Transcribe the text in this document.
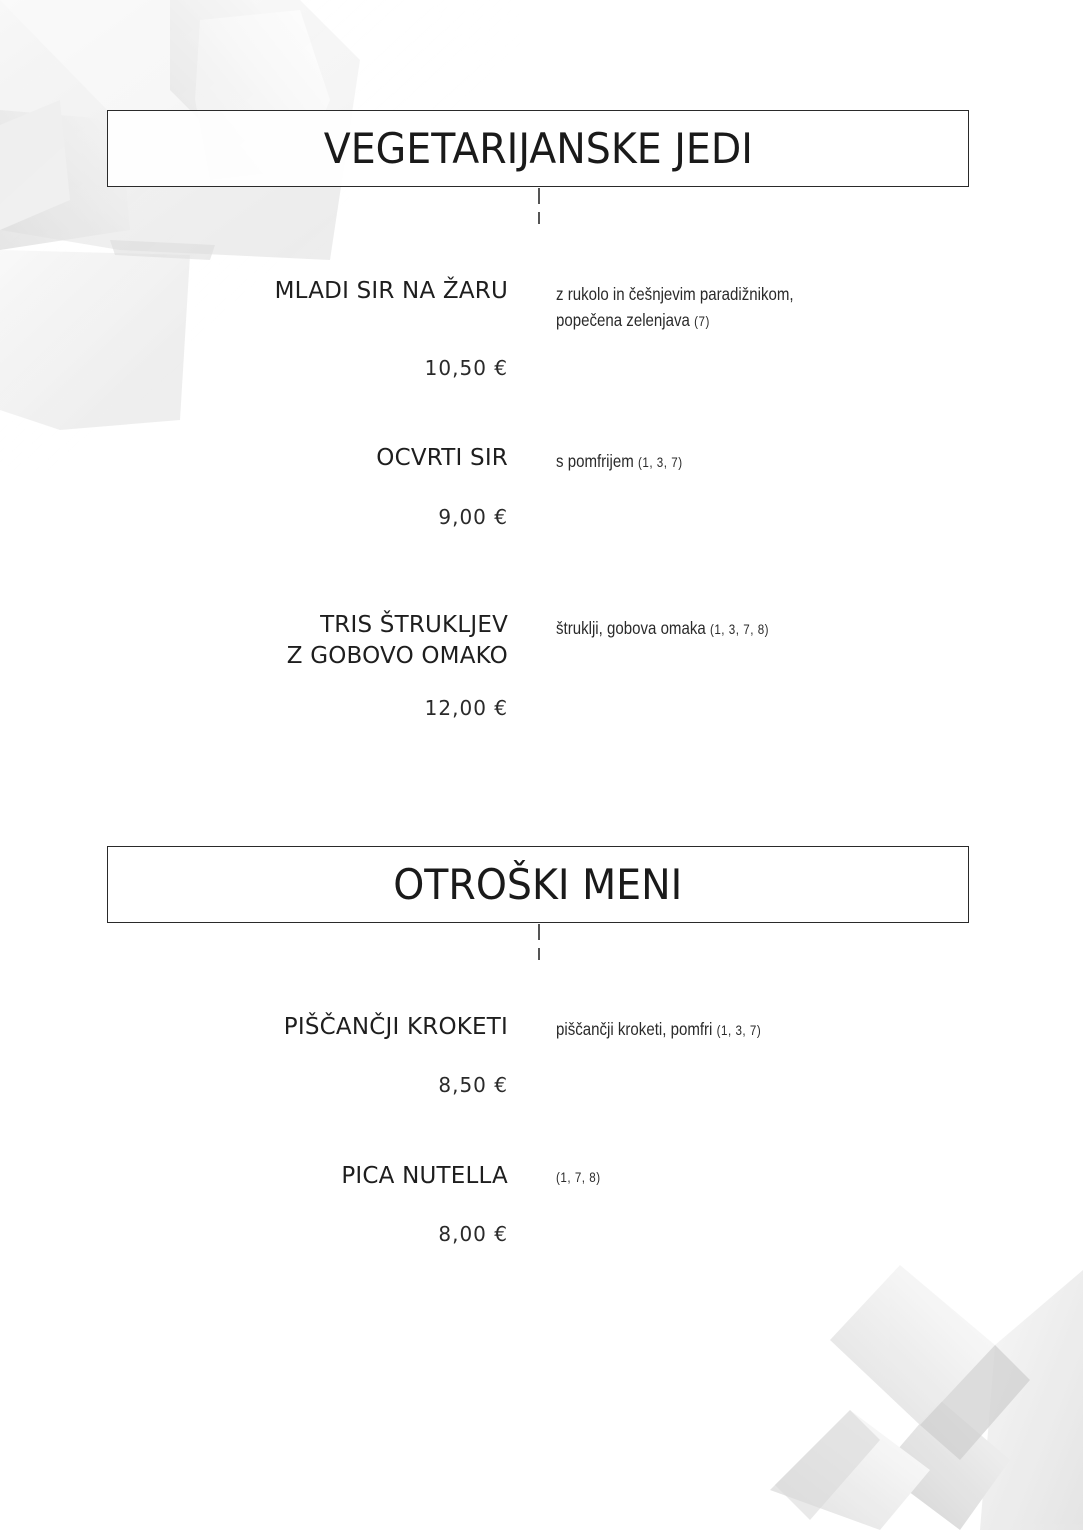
VEGETARIJANSKE JEDI
MLADI SIR NA ŽARU	z rukolo in češnjevim paradižnikom,
popečena zelenjava (7)
10,50 €
OCVRTI SIR	s pomfrijem (1, 3, 7)
9,00 €
TRIS ŠTRUKLJEV
Z GOBOVO OMAKO
štruklji, gobova omaka (1, 3, 7, 8)
12,00 €
OTROŠKI MENI
PIŠČANČJI KROKETI	piščančji kroketi, pomfri (1, 3, 7)
8,50 €
PICA NUTELLA	(1, 7, 8)
8,00 €
